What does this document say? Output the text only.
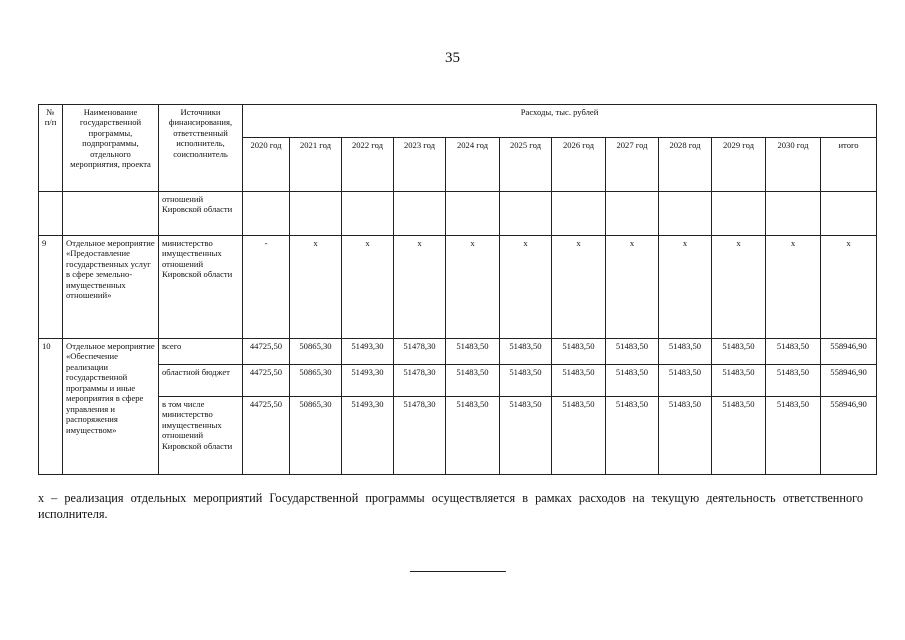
35
№ п/п	Наименование государственной программы, подпрограммы, отдельного мероприятия, проекта	Источники финансирования, ответственный исполнитель, соисполнитель	Расходы, тыс. рублей											
			2020 год	2021 год	2022 год	2023 год	2024 год	2025 год	2026 год	2027 год	2028 год	2029 год	2030 год	итого
		отношений Кировской области												
9	Отдельное мероприятие «Предоставление государственных услуг в сфере земельно-имущественных отношений»	министерство имущественных отношений Кировской области	-	x	x	x	x	x	x	x	x	x	x	x
10	Отдельное мероприятие «Обеспечение реализации государственной программы и иные мероприятия в сфере управления и распоряжения имуществом»	всего	44725,50	50865,30	51493,30	51478,30	51483,50	51483,50	51483,50	51483,50	51483,50	51483,50	51483,50	558946,90
		областной бюджет	44725,50	50865,30	51493,30	51478,30	51483,50	51483,50	51483,50	51483,50	51483,50	51483,50	51483,50	558946,90
		в том числе министерство имущественных отношений Кировской области	44725,50	50865,30	51493,30	51478,30	51483,50	51483,50	51483,50	51483,50	51483,50	51483,50	51483,50	558946,90
x – реализация отдельных мероприятий Государственной программы осуществляется в рамках расходов на текущую деятельность ответственного исполнителя.
